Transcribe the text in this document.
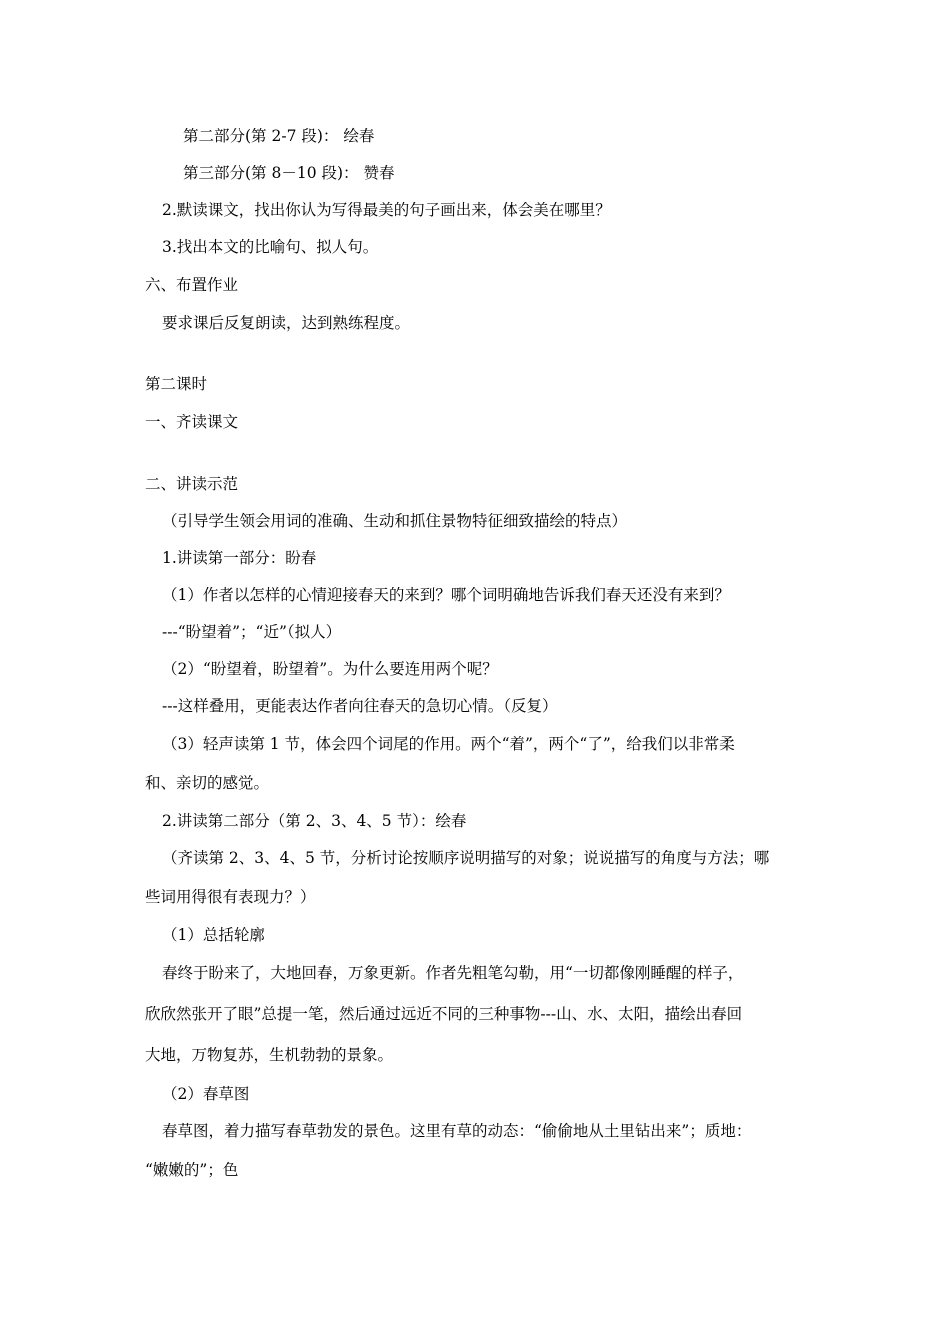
第二部分(第 2-7 段)： 绘春
第三部分(第 8－10 段)： 赞春
2.默读课文，找出你认为写得最美的句子画出来，体会美在哪里？
3.找出本文的比喻句、拟人句。
六、布置作业
要求课后反复朗读，达到熟练程度。
第二课时
一、齐读课文
二、讲读示范
（引导学生领会用词的准确、生动和抓住景物特征细致描绘的特点）
1.讲读第一部分：盼春
（1）作者以怎样的心情迎接春天的来到？哪个词明确地告诉我们春天还没有来到？
---“盼望着”；“近”（拟人）
（2）“盼望着，盼望着”。为什么要连用两个呢？
---这样叠用，更能表达作者向往春天的急切心情。（反复）
（3）轻声读第 1 节，体会四个词尾的作用。两个“着”，两个“了”，给我们以非常柔
和、亲切的感觉。
2.讲读第二部分（第 2、3、4、5 节）：绘春
（齐读第 2、3、4、5 节，分析讨论按顺序说明描写的对象；说说描写的角度与方法；哪
些词用得很有表现力？）
（1）总括轮廓
春终于盼来了，大地回春，万象更新。作者先粗笔勾勒，用“一切都像刚睡醒的样子，
欣欣然张开了眼”总提一笔，然后通过远近不同的三种事物---山、水、太阳，描绘出春回
大地，万物复苏，生机勃勃的景象。
（2）春草图
春草图，着力描写春草勃发的景色。这里有草的动态：“偷偷地从土里钻出来”；质地：
“嫩嫩的”；色
